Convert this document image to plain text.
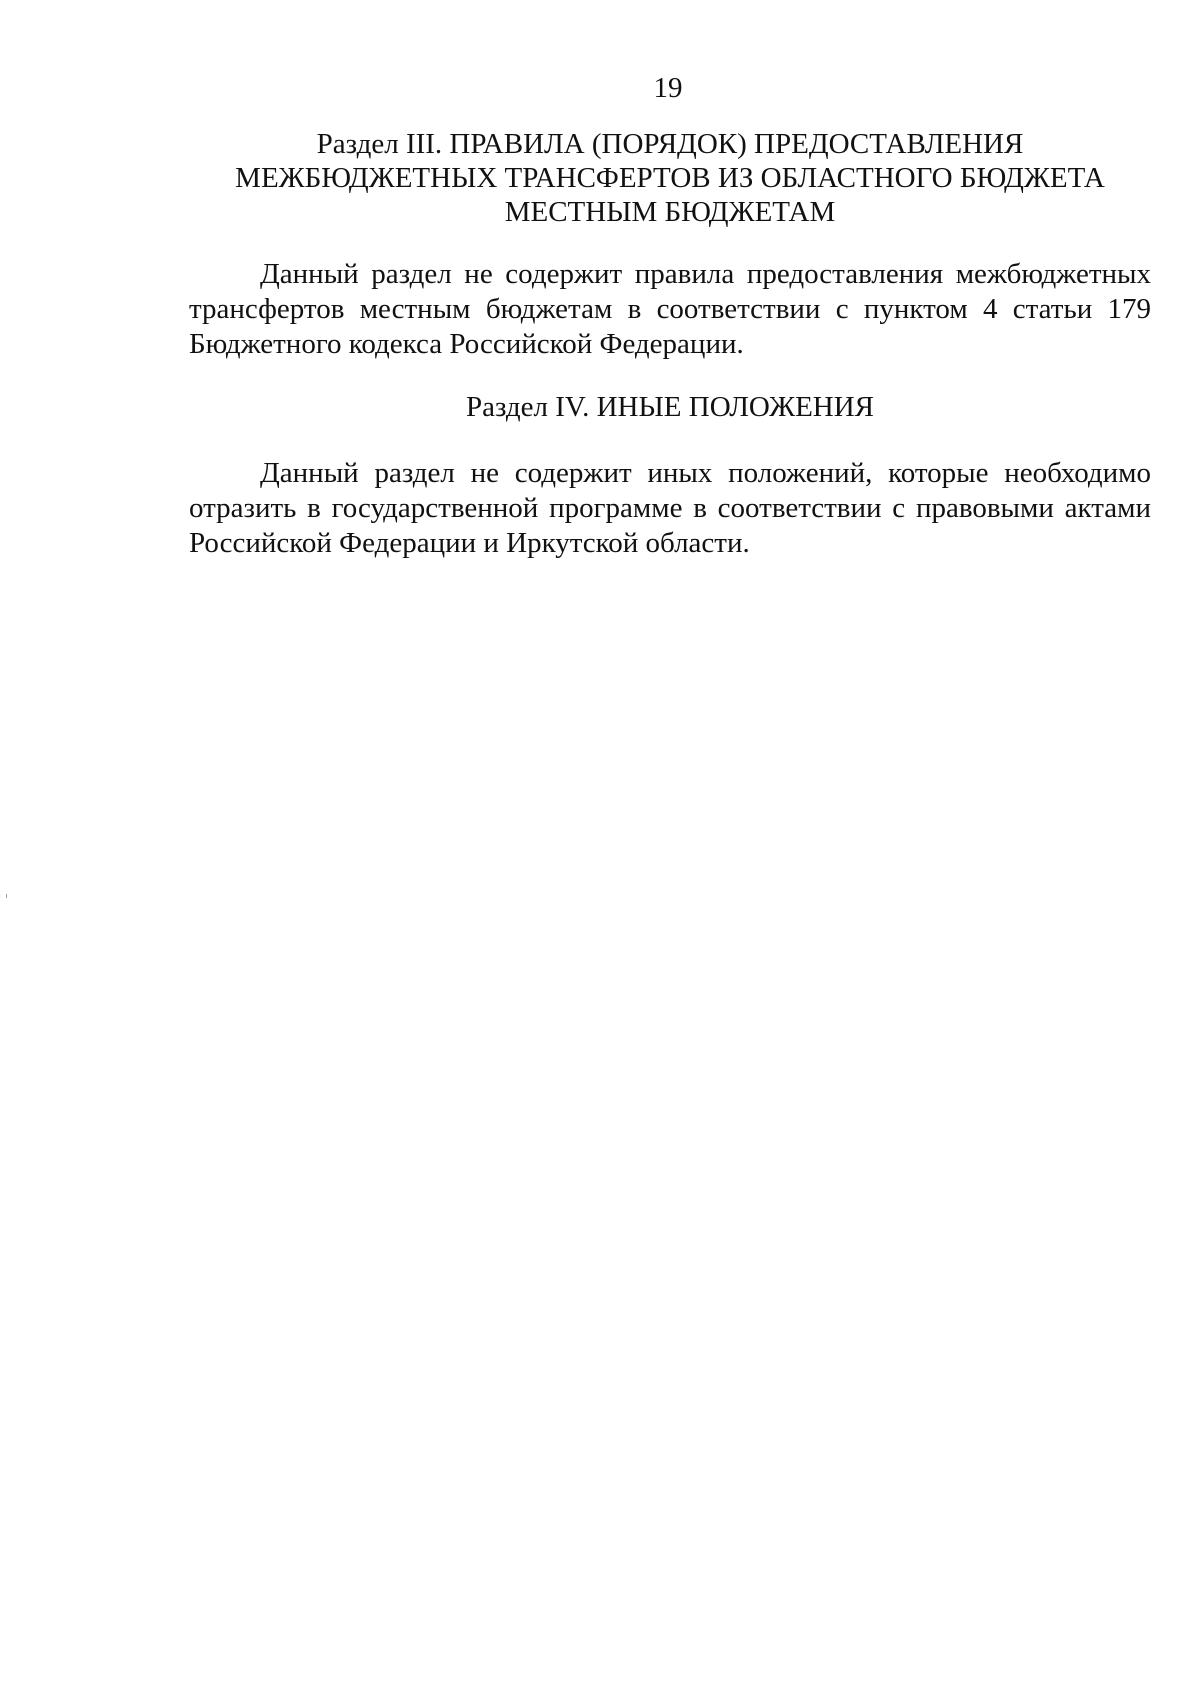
19

Раздел III. ПРАВИЛА (ПОРЯДОК) ПРЕДОСТАВЛЕНИЯ
МЕЖБЮДЖЕТНЫХ ТРАНСФЕРТОВ ИЗ ОБЛАСТНОГО БЮДЖЕТА
МЕСТНЫМ БЮДЖЕТАМ

Данный раздел не содержит правила предоставления межбюджетных
трансфертов местным бюджетам в соответствии с пунктом 4 статьи 179
Бюджетного кодекса Российской Федерации.

Раздел IV. ИНЫЕ ПОЛОЖЕНИЯ

Данный раздел не содержит иных положений, которые необходимо
отразить в государственной программе в соответствии с правовыми актами
Российской Федерации и Иркутской области.
